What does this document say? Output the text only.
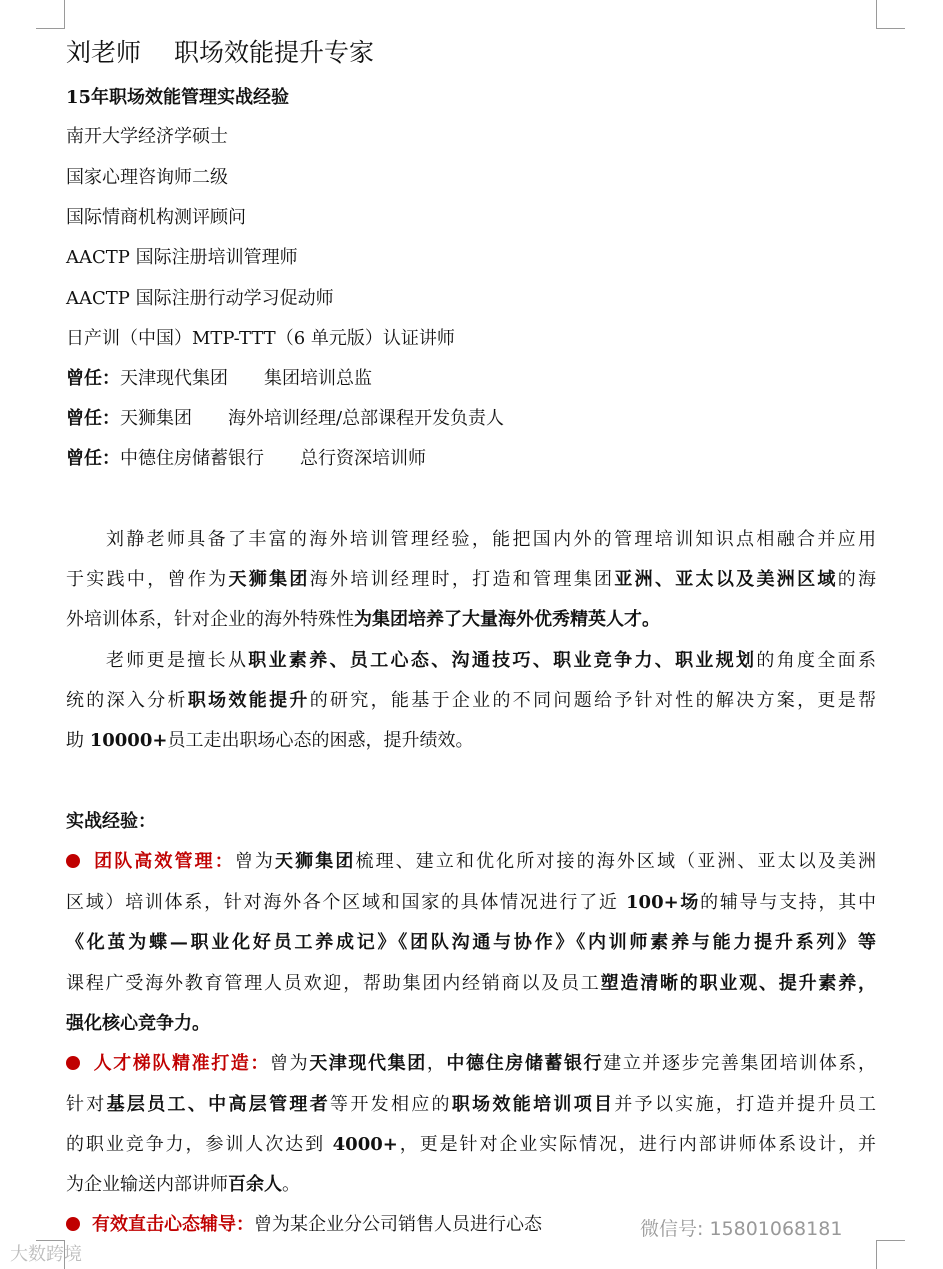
刘老师　 职场效能提升专家
15年职场效能管理实战经验
南开大学经济学硕士
国家心理咨询师二级
国际情商机构测评顾问
AACTP 国际注册培训管理师
AACTP 国际注册行动学习促动师
日产训（中国）MTP-TTT（6 单元版）认证讲师
曾任：天津现代集团　　集团培训总监
曾任：天狮集团　　海外培训经理/总部课程开发负责人
曾任：中德住房储蓄银行　　总行资深培训师
刘静老师具备了丰富的海外培训管理经验，能把国内外的管理培训知识点相融合并应用
于实践中，曾作为天狮集团海外培训经理时，打造和管理集团亚洲、亚太以及美洲区域的海
外培训体系，针对企业的海外特殊性为集团培养了大量海外优秀精英人才。
老师更是擅长从职业素养、员工心态、沟通技巧、职业竞争力、职业规划的角度全面系
统的深入分析职场效能提升的研究，能基于企业的不同问题给予针对性的解决方案，更是帮
助 10000+员工走出职场心态的困惑，提升绩效。
实战经验：
团队高效管理：曾为天狮集团梳理、建立和优化所对接的海外区域（亚洲、亚太以及美洲
区域）培训体系，针对海外各个区域和国家的具体情况进行了近 100+场的辅导与支持，其中
《化茧为蝶—职业化好员工养成记》《团队沟通与协作》《内训师素养与能力提升系列》等
课程广受海外教育管理人员欢迎，帮助集团内经销商以及员工塑造清晰的职业观、提升素养，
强化核心竞争力。
人才梯队精准打造：曾为天津现代集团，中德住房储蓄银行建立并逐步完善集团培训体系，
针对基层员工、中高层管理者等开发相应的职场效能培训项目并予以实施，打造并提升员工
的职业竞争力，参训人次达到 4000+，更是针对企业实际情况，进行内部讲师体系设计，并
为企业输送内部讲师百余人。
有效直击心态辅导：曾为某企业分公司销售人员进行心态
大数跨境
微信号: 15801068181
